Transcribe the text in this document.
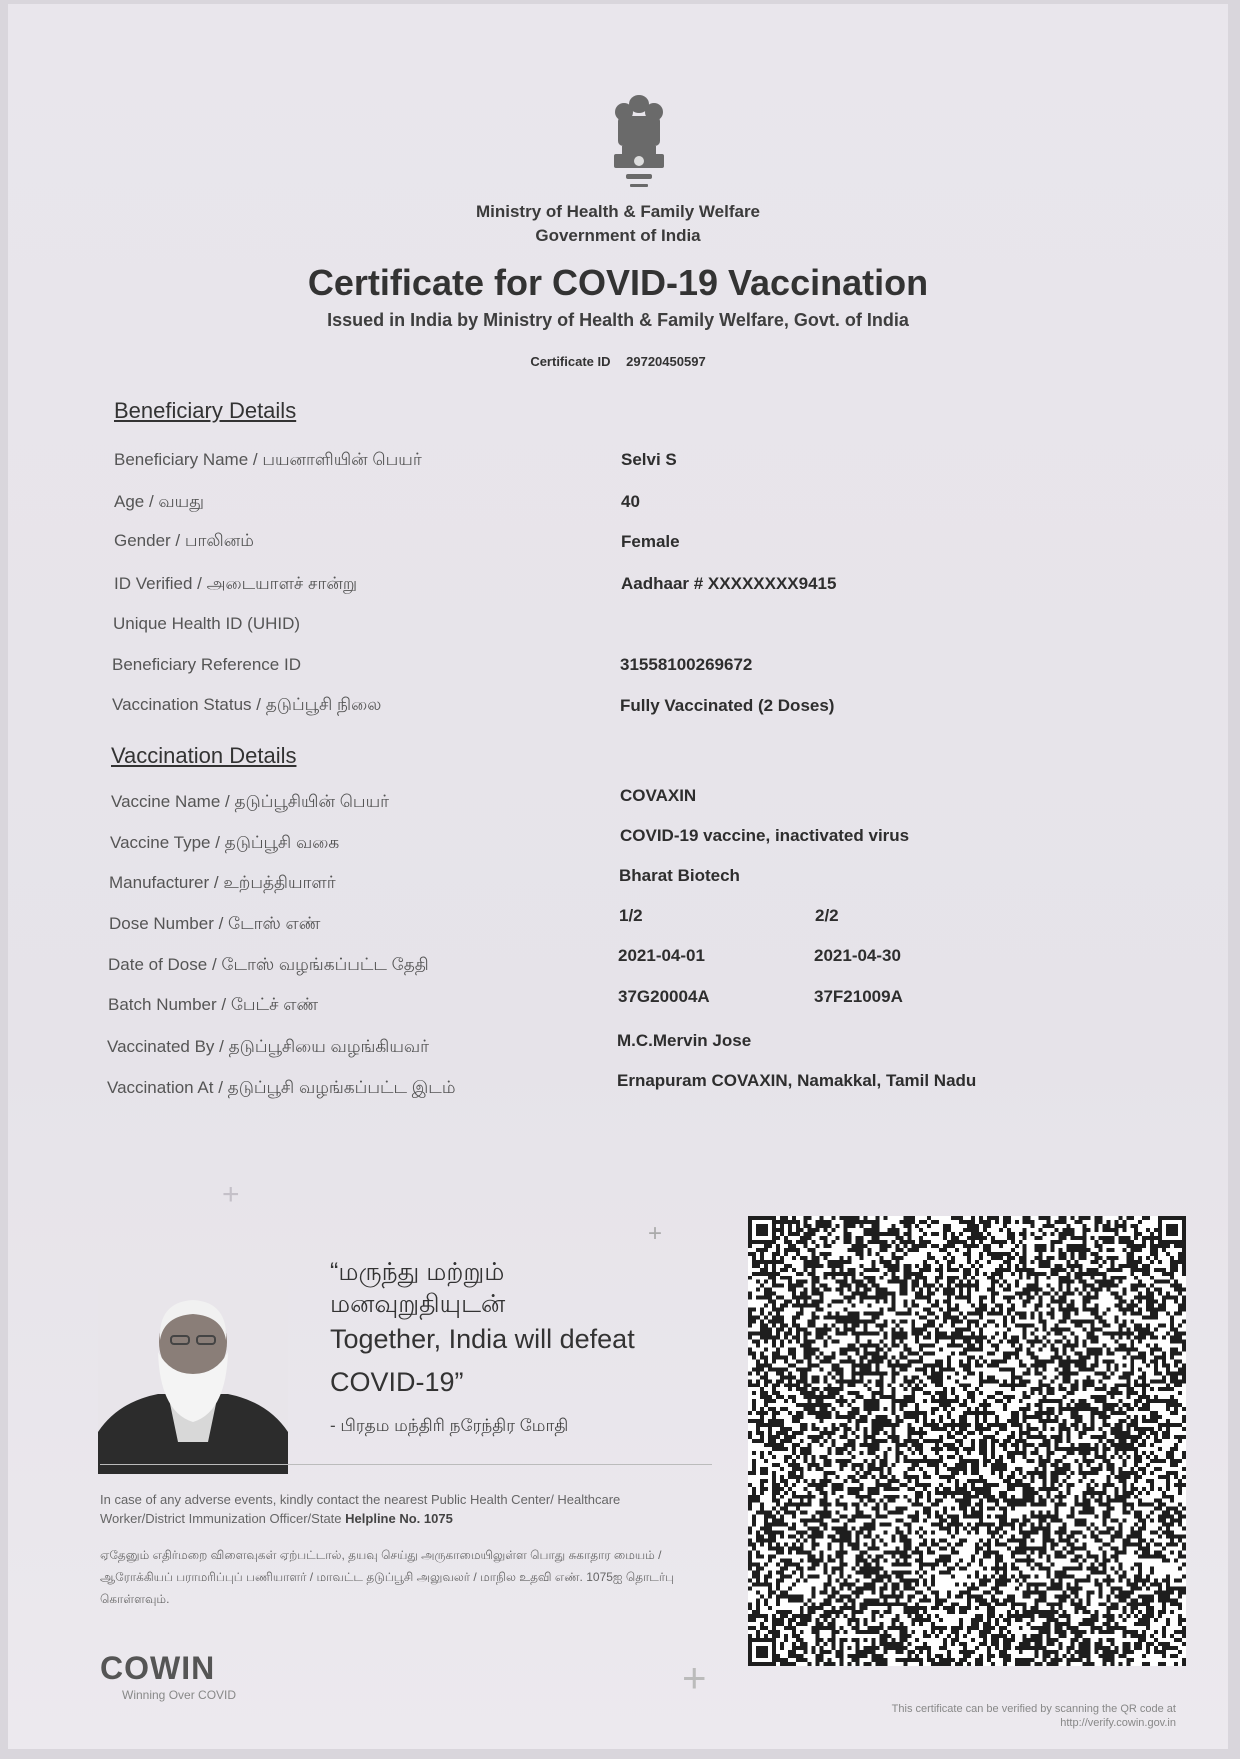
Ministry of Health & Family Welfare
Government of India
Certificate for COVID-19 Vaccination
Issued in India by Ministry of Health & Family Welfare, Govt. of India
Certificate ID 29720450597
Beneficiary Details
Beneficiary Name / பயனாளியின் பெயர்	Selvi S
Age / வயது	40
Gender / பாலினம்	Female
ID Verified / அடையாளச் சான்று	Aadhaar # XXXXXXXX9415
Unique Health ID (UHID)
Beneficiary Reference ID	31558100269672
Vaccination Status / தடுப்பூசி நிலை	Fully Vaccinated (2 Doses)
Vaccination Details
Vaccine Name / தடுப்பூசியின் பெயர்	COVAXIN
Vaccine Type / தடுப்பூசி வகை	COVID-19 vaccine, inactivated virus
Manufacturer / உற்பத்தியாளர்	Bharat Biotech
Dose Number / டோஸ் எண்	1/2	2/2
Date of Dose / டோஸ் வழங்கப்பட்ட தேதி	2021-04-01	2021-04-30
Batch Number / பேட்ச் எண்	37G20004A	37F21009A
Vaccinated By / தடுப்பூசியை வழங்கியவர்	M.C.Mervin Jose
Vaccination At / தடுப்பூசி வழங்கப்பட்ட இடம்	Ernapuram COVAXIN, Namakkal, Tamil Nadu
+
+
+
“மருந்து மற்றும்
மனவுறுதியுடன்
Together, India will defeat
COVID-19”
- பிரதம மந்திரி நரேந்திர மோதி
In case of any adverse events, kindly contact the nearest Public Health Center/ Healthcare Worker/District Immunization Officer/State Helpline No. 1075
ஏதேனும் எதிர்மறை விளைவுகள் ஏற்பட்டால், தயவு செய்து அருகாமையிலுள்ள பொது சுகாதார மையம் / ஆரோக்கியப் பராமரிப்புப் பணியாளர் / மாவட்ட தடுப்பூசி அலுவலர் / மாநில உதவி எண். 1075ஐ தொடர்பு கொள்ளவும்.
COWIN
Winning Over COVID
This certificate can be verified by scanning the QR code at
http://verify.cowin.gov.in
